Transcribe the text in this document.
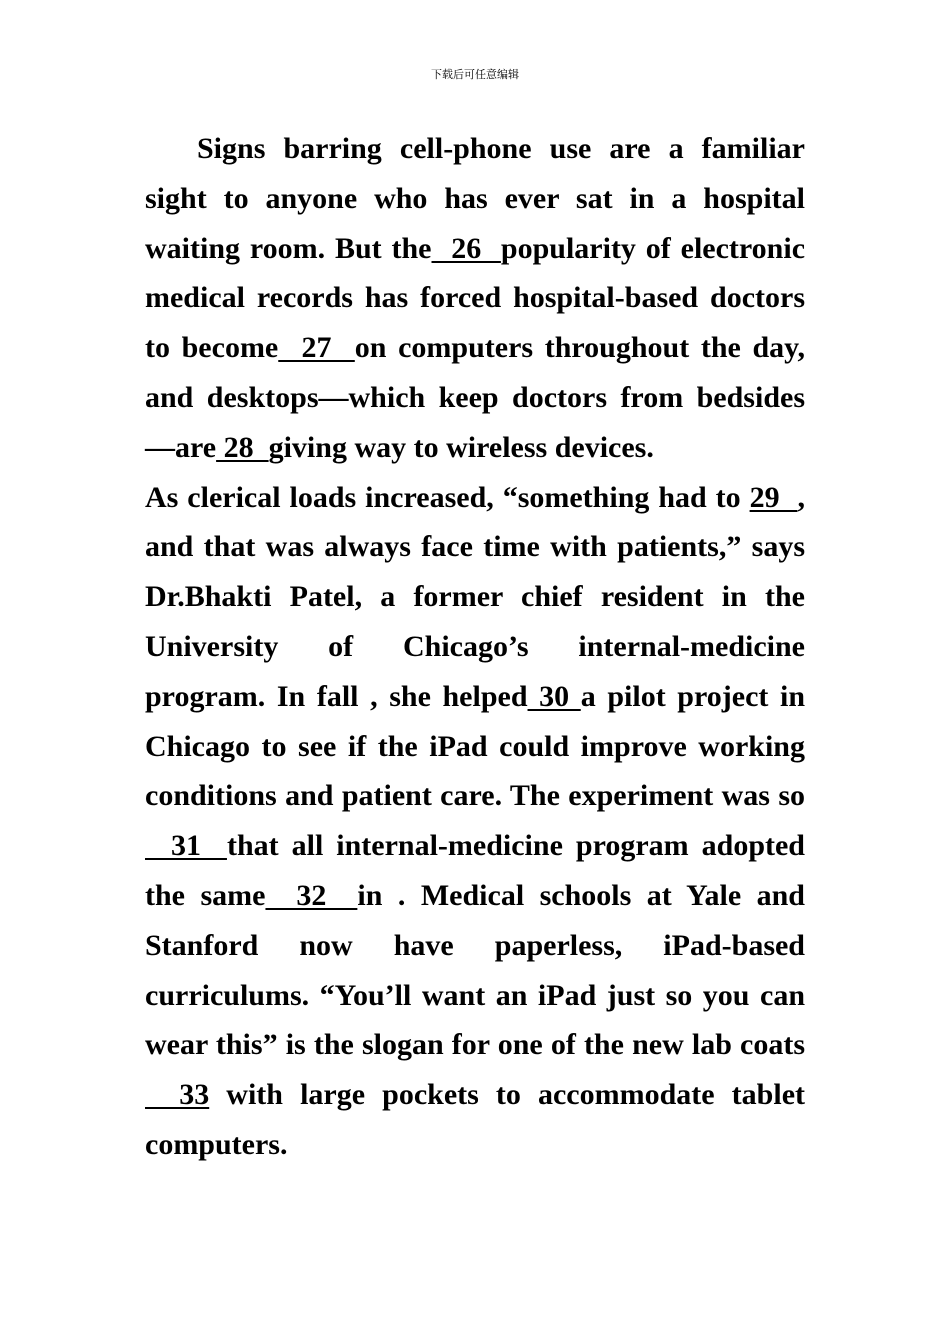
下载后可任意编辑

Signs barring cell-phone use are a familiar sight to anyone who has ever sat in a hospital waiting room. But the  26  popularity of electronic medical records has forced hospital-based doctors to become  27  on computers throughout the day, and desktops—which keep doctors from bedsides—are 28  giving way to wireless devices.

As clerical loads increased, “something had to 29  , and that was always face time with patients,” says Dr.Bhakti Patel, a former chief resident in the University of Chicago’s internal-medicine program. In fall , she helped 30 a pilot project in Chicago to see if the iPad could improve working conditions and patient care. The experiment was so  31  that all internal-medicine program adopted the same  32  in . Medical schools at Yale and Stanford now have paperless, iPad-based curriculums. “You’ll want an iPad just so you can wear this” is the slogan for one of the new lab coats  33 with large pockets to accommodate tablet computers.
